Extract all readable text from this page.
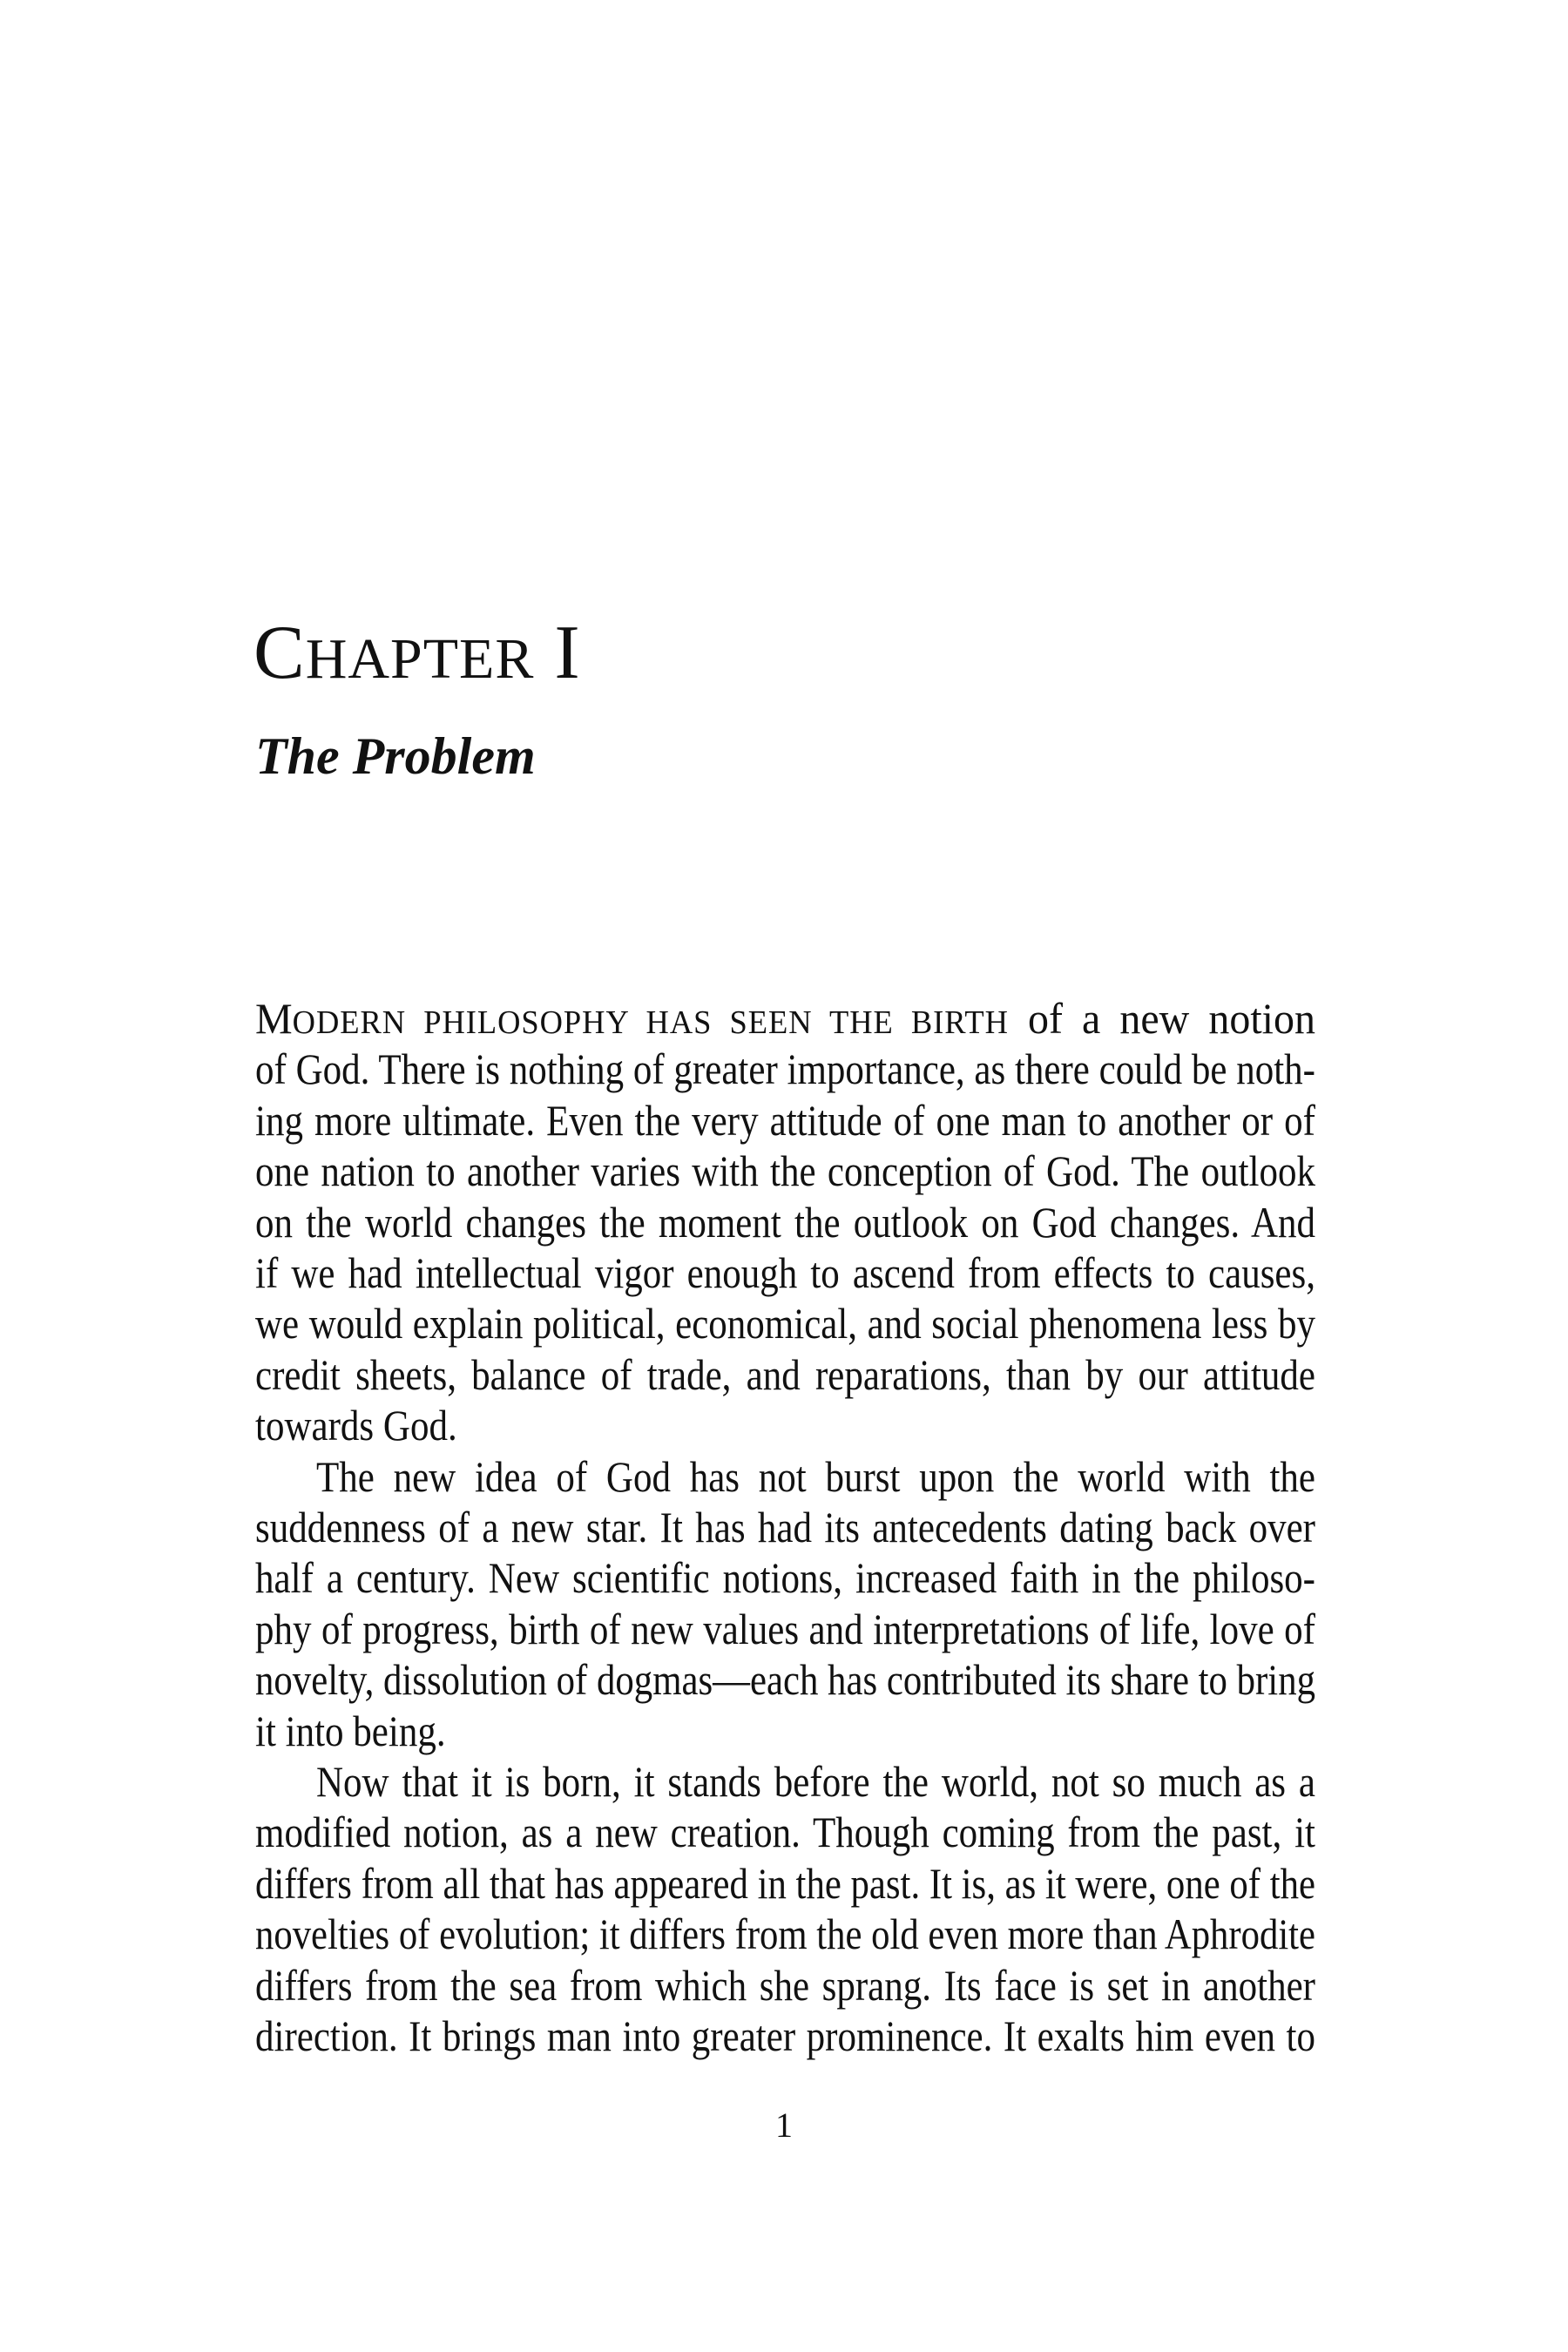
CHAPTER I
The Problem
MODERN PHILOSOPHY HAS SEEN THE BIRTH of a new notion
of God. There is nothing of greater importance, as there could be noth-
ing more ultimate. Even the very attitude of one man to another or of
one nation to another varies with the conception of God. The outlook
on the world changes the moment the outlook on God changes. And
if we had intellectual vigor enough to ascend from effects to causes,
we would explain political, economical, and social phenomena less by
credit sheets, balance of trade, and reparations, than by our attitude
towards God.
The new idea of God has not burst upon the world with the
suddenness of a new star. It has had its antecedents dating back over
half a century. New scientific notions, increased faith in the philoso-
phy of progress, birth of new values and interpretations of life, love of
novelty, dissolution of dogmas—each has contributed its share to bring
it into being.
Now that it is born, it stands before the world, not so much as a
modified notion, as a new creation. Though coming from the past, it
differs from all that has appeared in the past. It is, as it were, one of the
novelties of evolution; it differs from the old even more than Aphrodite
differs from the sea from which she sprang. Its face is set in another
direction. It brings man into greater prominence. It exalts him even to
1
